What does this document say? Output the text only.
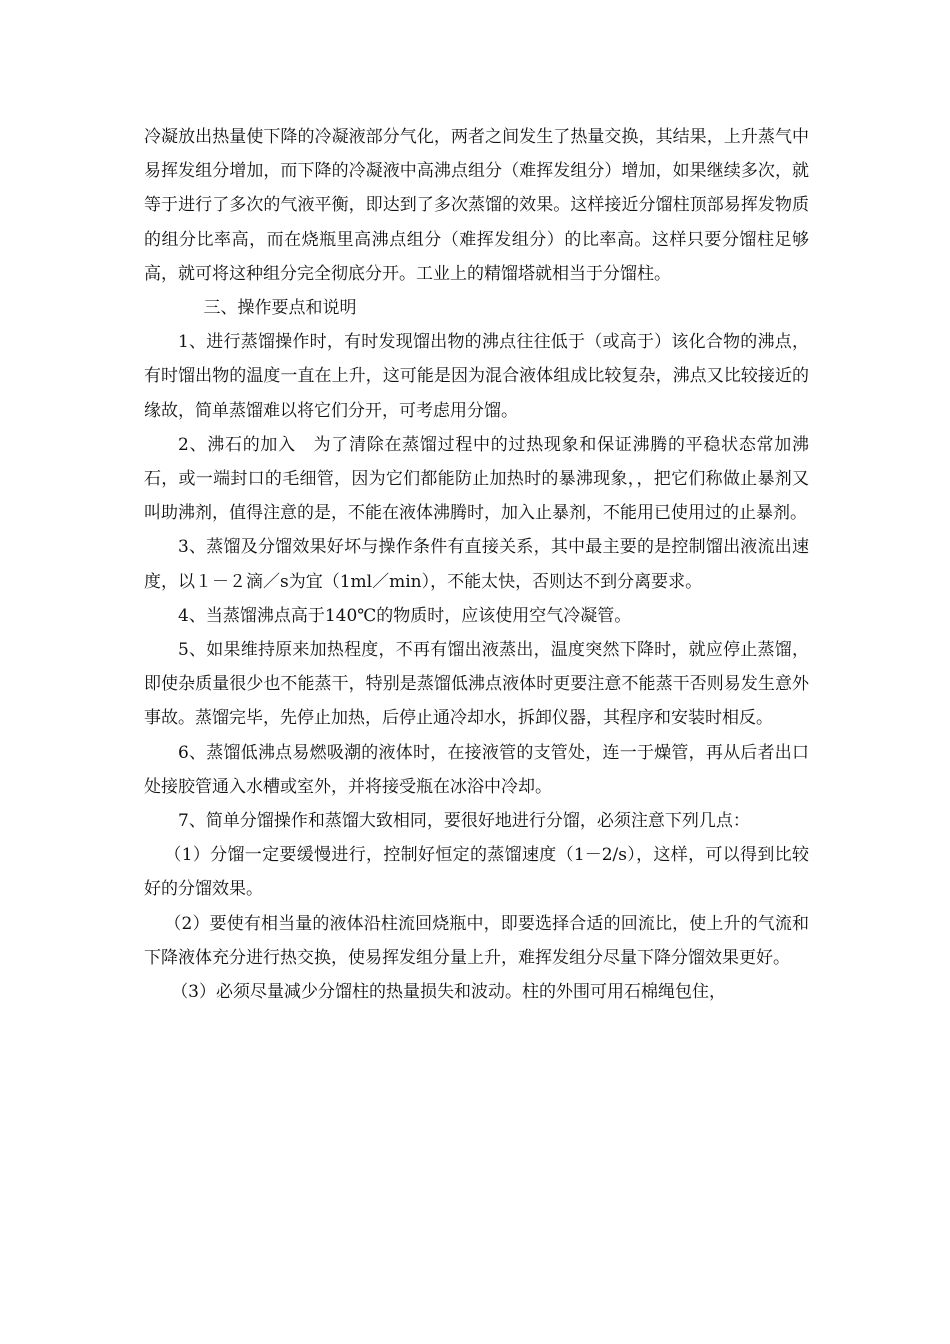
冷凝放出热量使下降的冷凝液部分气化，两者之间发生了热量交换，其结果，上升蒸气中易挥发组分增加，而下降的冷凝液中高沸点组分（难挥发组分）增加，如果继续多次，就等于进行了多次的气液平衡，即达到了多次蒸馏的效果。这样接近分馏柱顶部易挥发物质的组分比率高，而在烧瓶里高沸点组分（难挥发组分）的比率高。这样只要分馏柱足够高，就可将这种组分完全彻底分开。工业上的精馏塔就相当于分馏柱。

三、操作要点和说明

1、进行蒸馏操作时，有时发现馏出物的沸点往往低于（或高于）该化合物的沸点，有时馏出物的温度一直在上升，这可能是因为混合液体组成比较复杂，沸点又比较接近的缘故，简单蒸馏难以将它们分开，可考虑用分馏。

2、沸石的加入　为了清除在蒸馏过程中的过热现象和保证沸腾的平稳状态常加沸石，或一端封口的毛细管，因为它们都能防止加热时的暴沸现象，，把它们称做止暴剂又叫助沸剂，值得注意的是，不能在液体沸腾时，加入止暴剂，不能用已使用过的止暴剂。

3、蒸馏及分馏效果好坏与操作条件有直接关系，其中最主要的是控制馏出液流出速度，以１－２滴／s为宜（1ml／min），不能太快，否则达不到分离要求。

4、当蒸馏沸点高于140℃的物质时，应该使用空气冷凝管。

5、如果维持原来加热程度，不再有馏出液蒸出，温度突然下降时，就应停止蒸馏，即使杂质量很少也不能蒸干，特别是蒸馏低沸点液体时更要注意不能蒸干否则易发生意外事故。蒸馏完毕，先停止加热，后停止通冷却水，拆卸仪器，其程序和安装时相反。

6、蒸馏低沸点易燃吸潮的液体时，在接液管的支管处，连一于燥管，再从后者出口处接胶管通入水槽或室外，并将接受瓶在冰浴中冷却。

7、简单分馏操作和蒸馏大致相同，要很好地进行分馏，必须注意下列几点：

（1）分馏一定要缓慢进行，控制好恒定的蒸馏速度（1－2/s），这样，可以得到比较好的分馏效果。

（2）要使有相当量的液体沿柱流回烧瓶中，即要选择合适的回流比，使上升的气流和下降液体充分进行热交换，使易挥发组分量上升，难挥发组分尽量下降分馏效果更好。

（3）必须尽量减少分馏柱的热量损失和波动。柱的外围可用石棉绳包住，
